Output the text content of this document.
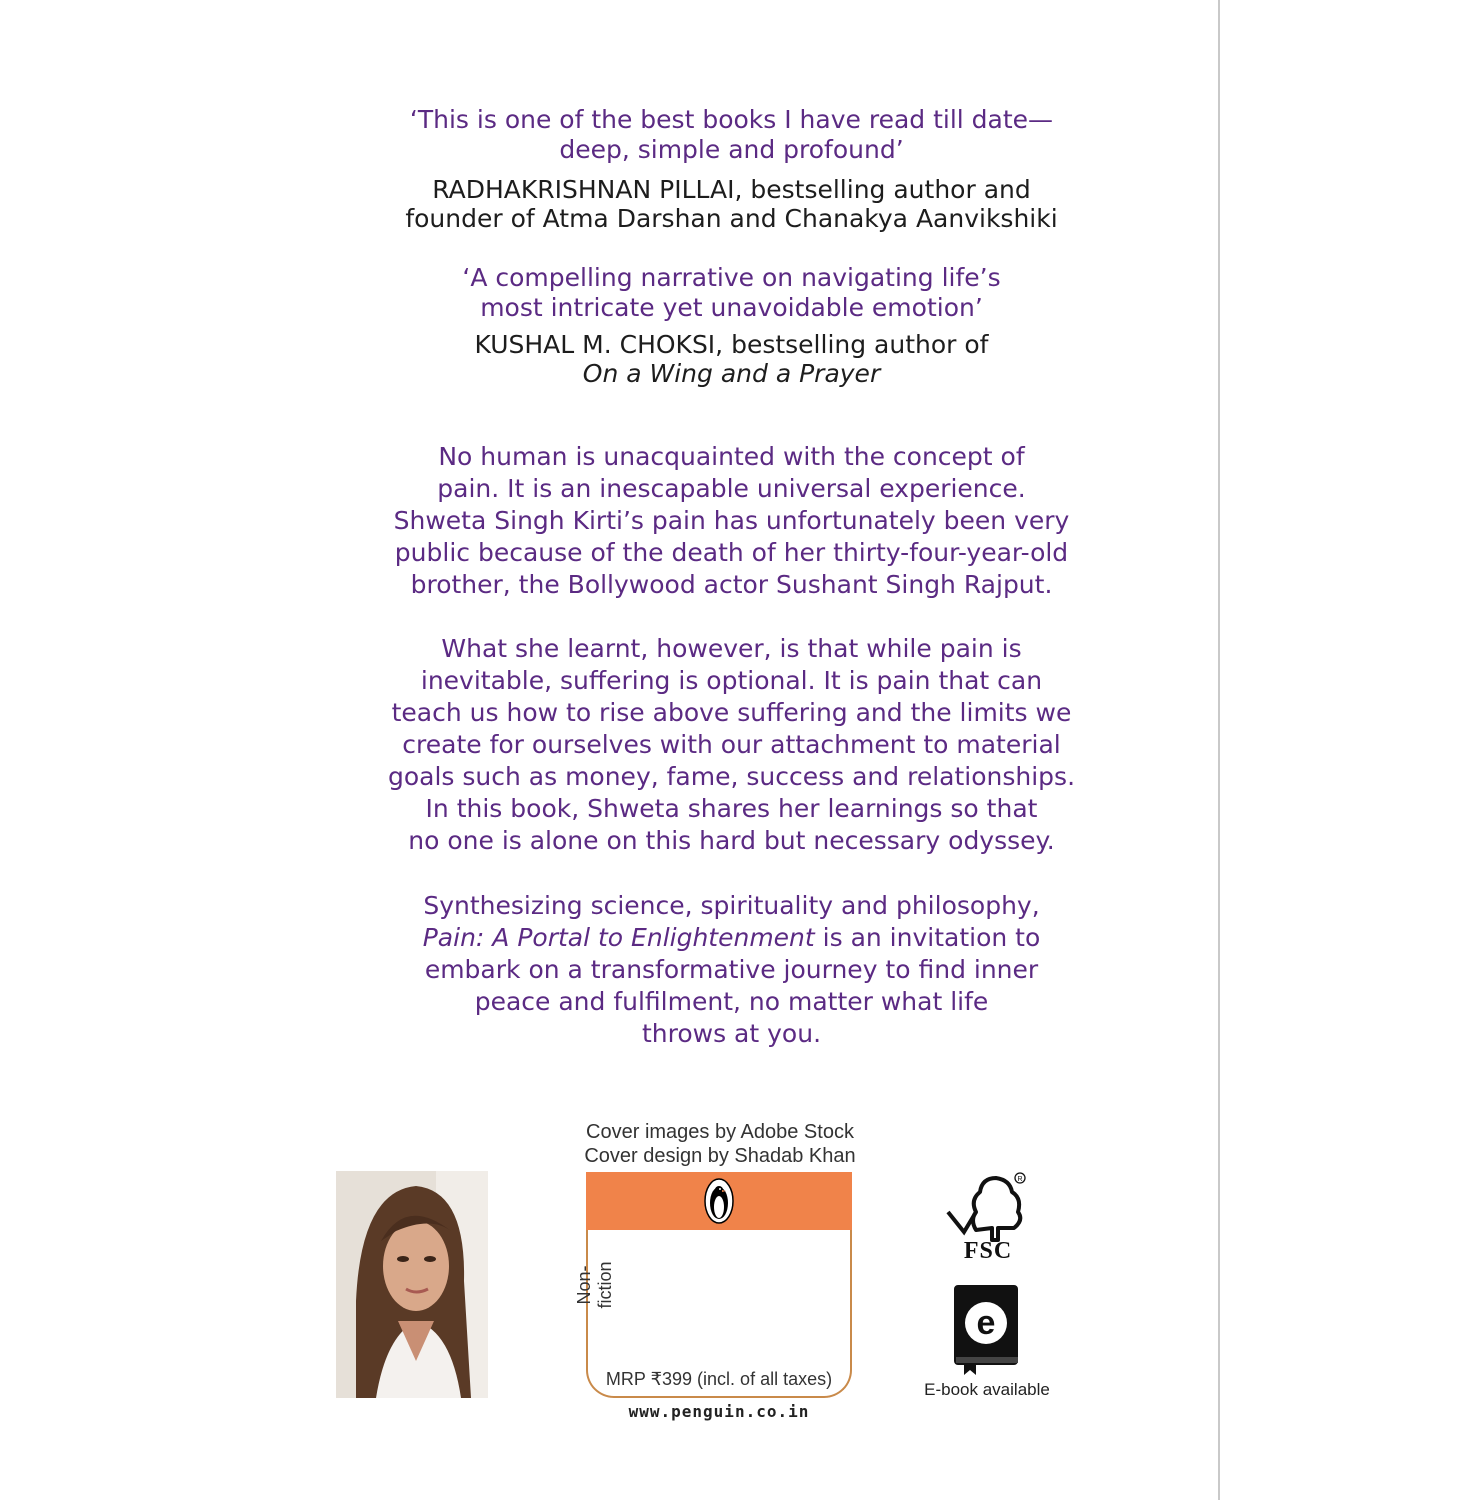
‘This is one of the best books I have read till date—
deep, simple and profound’
RADHAKRISHNAN PILLAI, bestselling author and
founder of Atma Darshan and Chanakya Aanvikshiki
‘A compelling narrative on navigating life’s
most intricate yet unavoidable emotion’
KUSHAL M. CHOKSI, bestselling author of
On a Wing and a Prayer
No human is unacquainted with the concept of
pain. It is an inescapable universal experience.
Shweta Singh Kirti’s pain has unfortunately been very
public because of the death of her thirty-four-year-old
brother, the Bollywood actor Sushant Singh Rajput.
What she learnt, however, is that while pain is
inevitable, suffering is optional. It is pain that can
teach us how to rise above suffering and the limits we
create for ourselves with our attachment to material
goals such as money, fame, success and relationships.
In this book, Shweta shares her learnings so that
no one is alone on this hard but necessary odyssey.
Synthesizing science, spirituality and philosophy,
Pain: A Portal to Enlightenment is an invitation to
embark on a transformative journey to find inner
peace and fulfilment, no matter what life
throws at you.
Cover images by Adobe Stock
Cover design by Shadab Khan
Non-fiction
MRP ₹399 (incl. of all taxes)
www.penguin.co.in
R
FSC
e
E-book available
